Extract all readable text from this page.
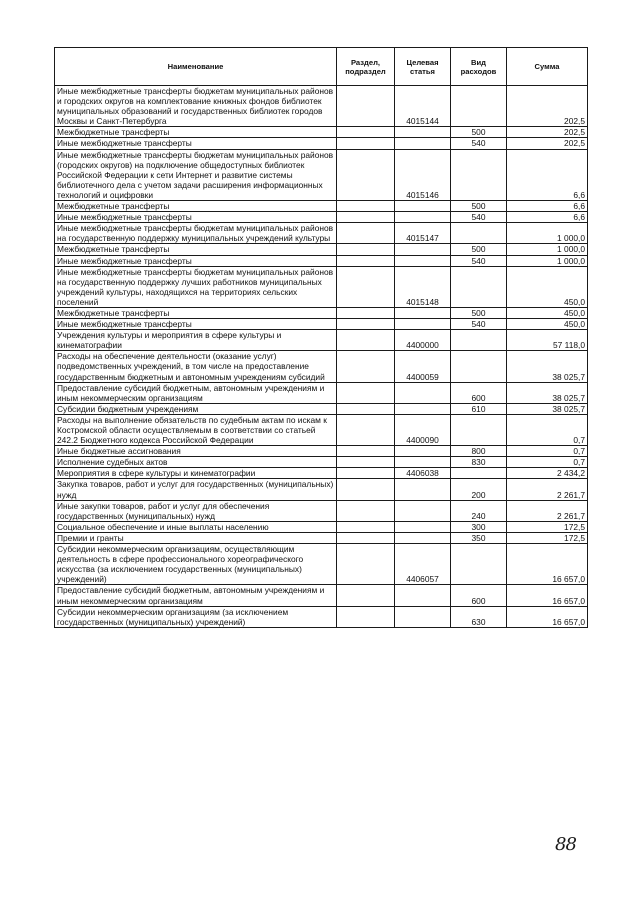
Наименование	Раздел, подраздел	Целевая статья	Вид расходов	Сумма
Иные межбюджетные трансферты бюджетам муниципальных районов и городских округов на комплектование книжных фондов библиотек муниципальных образований и государственных библиотек городов Москвы и Санкт-Петербурга		4015144		202,5
Межбюджетные трансферты			500	202,5
Иные межбюджетные трансферты			540	202,5
Иные межбюджетные трансферты бюджетам муниципальных районов (городских округов) на подключение общедоступных библиотек Российской Федерации к сети Интернет и развитие системы библиотечного дела с учетом задачи расширения информационных технологий и оцифровки		4015146		6,6
Межбюджетные трансферты			500	6,6
Иные межбюджетные трансферты			540	6,6
Иные межбюджетные трансферты бюджетам муниципальных районов на государственную поддержку муниципальных учреждений культуры		4015147		1 000,0
Межбюджетные трансферты			500	1 000,0
Иные межбюджетные трансферты			540	1 000,0
Иные межбюджетные трансферты бюджетам муниципальных районов на государственную поддержку лучших работников муниципальных учреждений культуры, находящихся на территориях сельских поселений		4015148		450,0
Межбюджетные трансферты			500	450,0
Иные межбюджетные трансферты			540	450,0
Учреждения культуры и мероприятия в сфере культуры и кинематографии		4400000		57 118,0
Расходы на обеспечение деятельности (оказание услуг) подведомственных учреждений, в том числе на предоставление государственным бюджетным и автономным учреждениям субсидий		4400059		38 025,7
Предоставление субсидий бюджетным, автономным учреждениям и иным некоммерческим организациям			600	38 025,7
Субсидии бюджетным учреждениям			610	38 025,7
Расходы на выполнение обязательств по судебным актам по искам к Костромской области осуществляемым в соответствии со статьей 242.2 Бюджетного кодекса Российской Федерации		4400090		0,7
Иные бюджетные ассигнования			800	0,7
Исполнение судебных актов			830	0,7
Мероприятия в сфере культуры и кинематографии		4406038		2 434,2
Закупка товаров, работ и услуг для государственных (муниципальных) нужд			200	2 261,7
Иные закупки товаров, работ и услуг для обеспечения государственных (муниципальных) нужд			240	2 261,7
Социальное обеспечение и иные выплаты населению			300	172,5
Премии и гранты			350	172,5
Субсидии некоммерческим организациям, осуществляющим деятельность в сфере профессионального хореографического искусства (за исключением государственных (муниципальных) учреждений)		4406057		16 657,0
Предоставление субсидий бюджетным, автономным учреждениям и иным некоммерческим организациям			600	16 657,0
Субсидии некоммерческим организациям (за исключением государственных (муниципальных) учреждений)			630	16 657,0
88
